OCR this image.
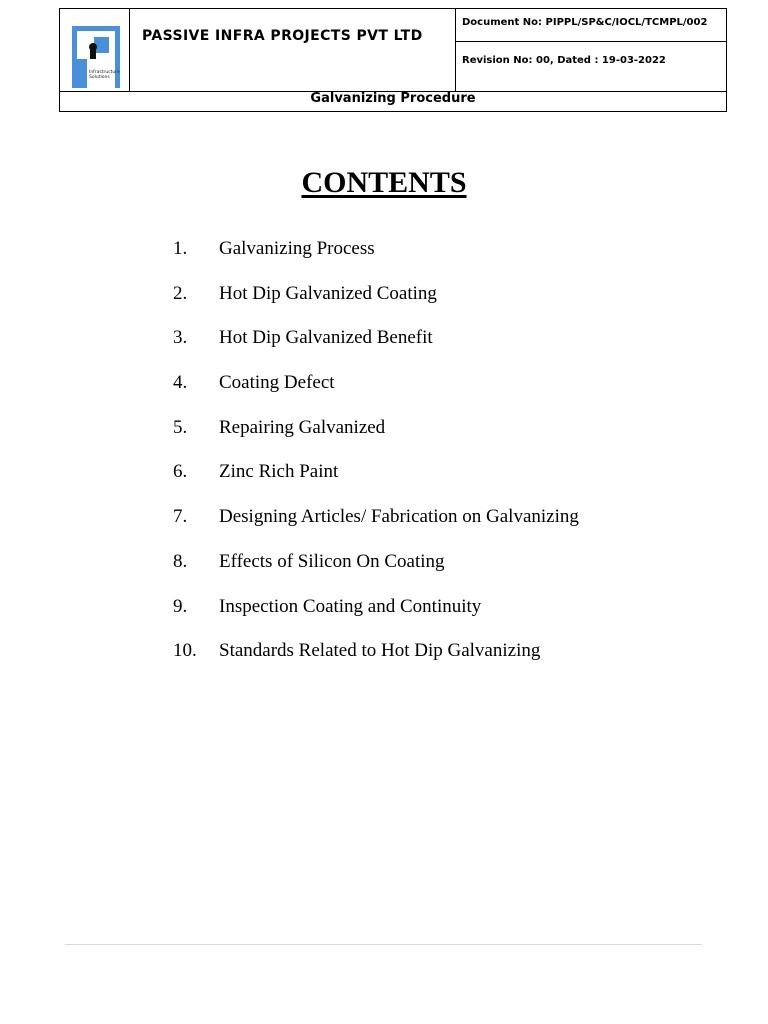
Infrastructure Solutions
PASSIVE INFRA PROJECTS PVT LTD
Document No: PIPPL/SP&C/IOCL/TCMPL/002
Revision No: 00, Dated : 19-03-2022
Galvanizing Procedure
CONTENTS
1. Galvanizing Process
2. Hot Dip Galvanized Coating
3. Hot Dip Galvanized Benefit
4. Coating Defect
5. Repairing Galvanized
6. Zinc Rich Paint
7. Designing Articles/ Fabrication on Galvanizing
8. Effects of Silicon On Coating
9. Inspection Coating and Continuity
10. Standards Related to Hot Dip Galvanizing
